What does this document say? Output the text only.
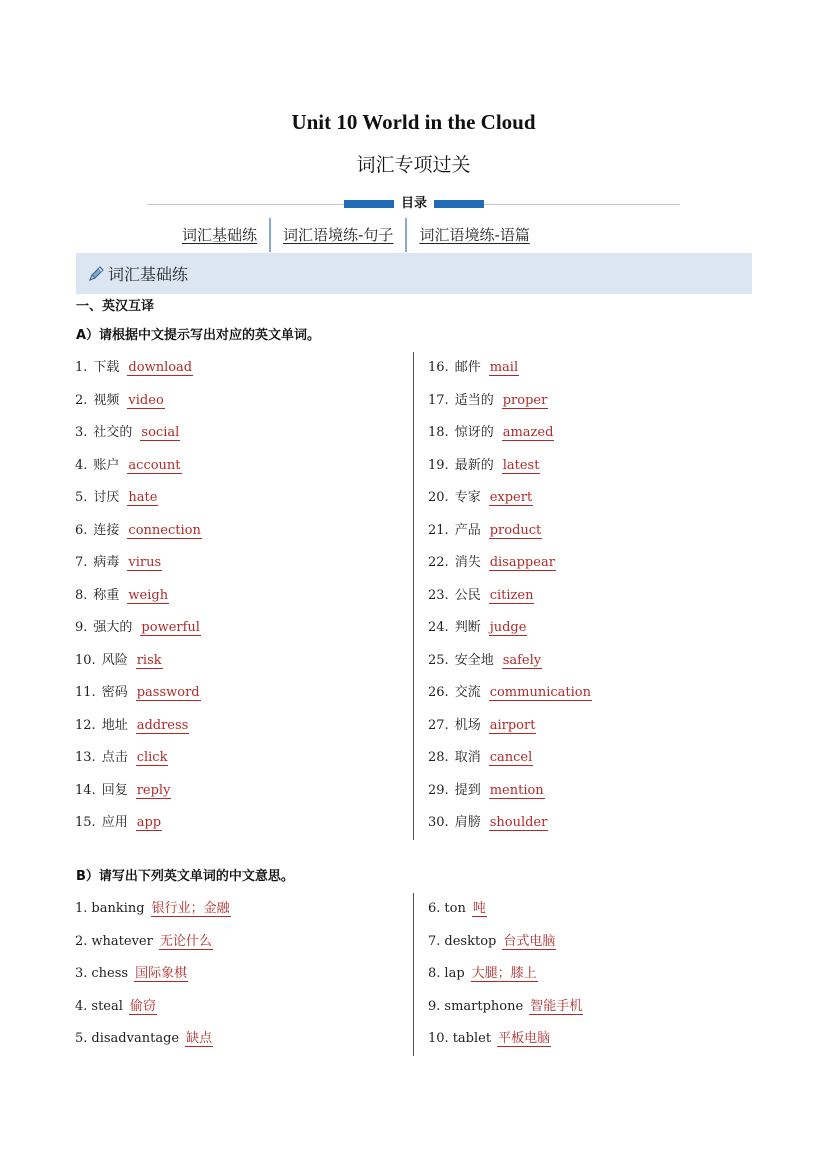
Unit 10 World in the Cloud
词汇专项过关
目录
词汇基础练	词汇语境练-句子	词汇语境练-语篇
词汇基础练
一、英汉互译
A）请根据中文提示写出对应的英文单词。
1. 下载 download
2. 视频 video
3. 社交的 social
4. 账户 account
5. 讨厌 hate
6. 连接 connection
7. 病毒 virus
8. 称重 weigh
9. 强大的 powerful
10. 风险 risk
11. 密码 password
12. 地址 address
13. 点击 click
14. 回复 reply
15. 应用 app
16. 邮件 mail
17. 适当的 proper
18. 惊讶的 amazed
19. 最新的 latest
20. 专家 expert
21. 产品 product
22. 消失 disappear
23. 公民 citizen
24. 判断 judge
25. 安全地 safely
26. 交流 communication
27. 机场 airport
28. 取消 cancel
29. 提到 mention
30. 肩膀 shoulder
B）请写出下列英文单词的中文意思。
1. banking 银行业；金融
2. whatever 无论什么
3. chess 国际象棋
4. steal 偷窃
5. disadvantage 缺点
6. ton 吨
7. desktop 台式电脑
8. lap 大腿；膝上
9. smartphone 智能手机
10. tablet 平板电脑
